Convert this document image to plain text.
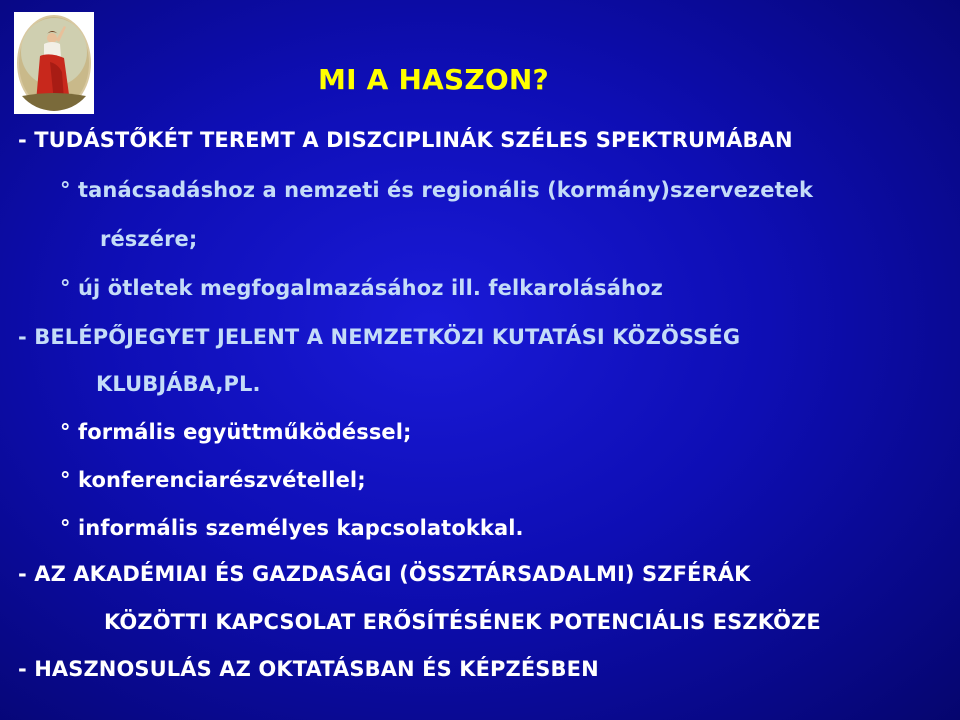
MI A HASZON?
- TUDÁSTŐKÉT TEREMT A DISZCIPLINÁK SZÉLES SPEKTRUMÁBAN
° tanácsadáshoz a nemzeti és regionális (kormány)szervezetek
részére;
° új ötletek megfogalmazásához ill. felkarolásához
- BELÉPŐJEGYET JELENT A NEMZETKÖZI KUTATÁSI KÖZÖSSÉG
KLUBJÁBA,PL.
° formális együttműködéssel;
° konferenciarészvétellel;
° informális személyes kapcsolatokkal.
- AZ AKADÉMIAI ÉS GAZDASÁGI (ÖSSZTÁRSADALMI) SZFÉRÁK
KÖZÖTTI KAPCSOLAT ERŐSÍTÉSÉNEK POTENCIÁLIS ESZKÖZE
- HASZNOSULÁS AZ OKTATÁSBAN ÉS KÉPZÉSBEN
